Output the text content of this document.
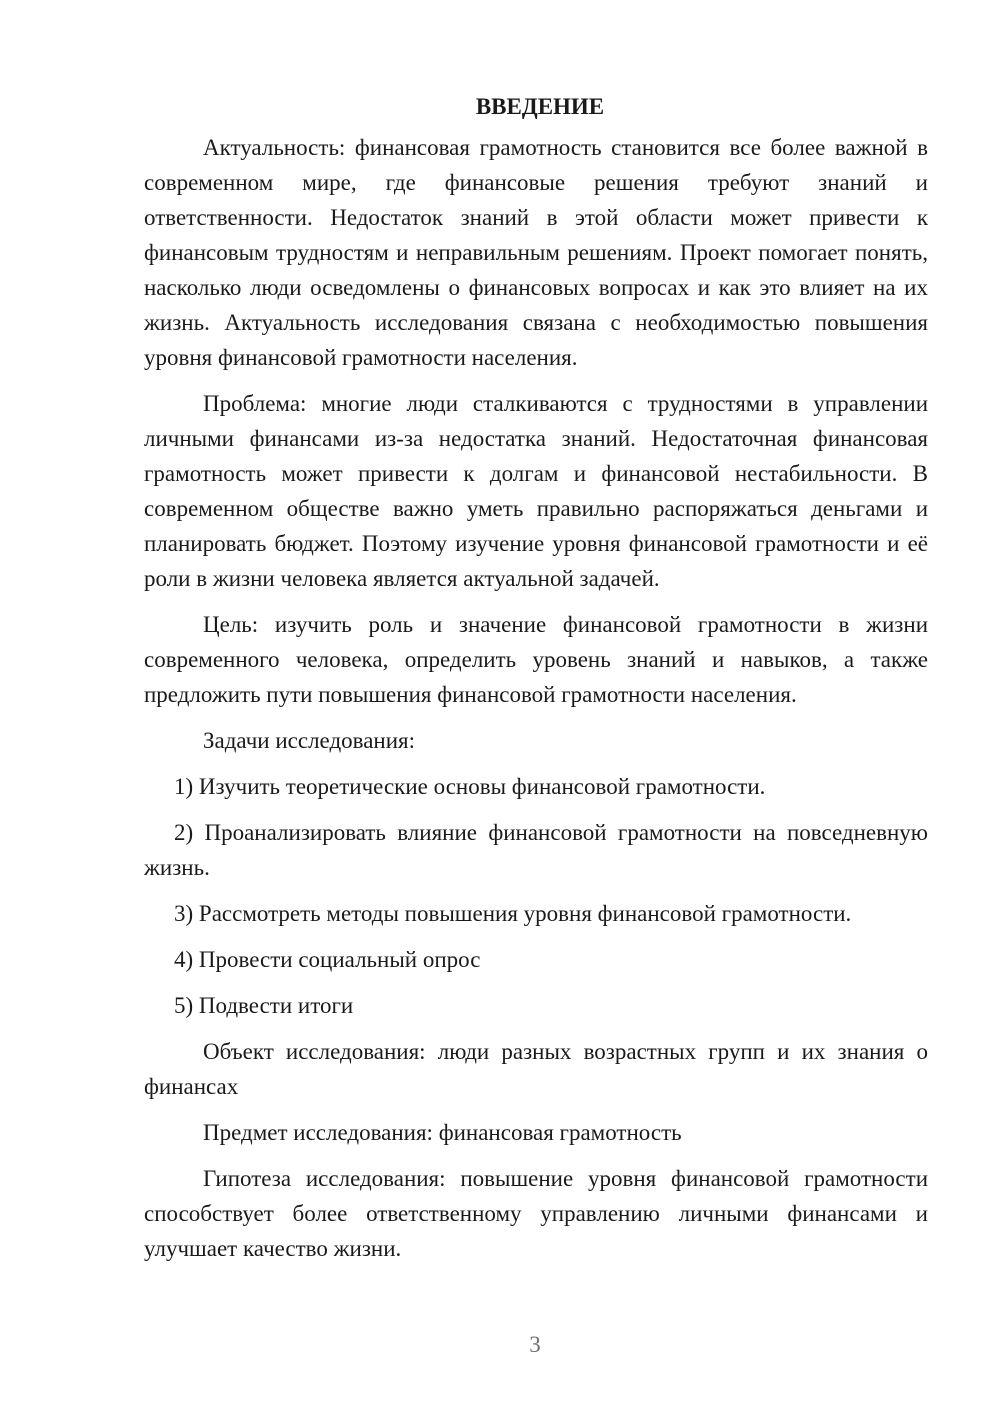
ВВЕДЕНИЕ

Актуальность: финансовая грамотность становится все более важной в современном мире, где финансовые решения требуют знаний и ответственности. Недостаток знаний в этой области может привести к финансовым трудностям и неправильным решениям. Проект помогает понять, насколько люди осведомлены о финансовых вопросах и как это влияет на их жизнь. Актуальность исследования связана с необходимостью повышения уровня финансовой грамотности населения.

Проблема: многие люди сталкиваются с трудностями в управлении личными финансами из-за недостатка знаний. Недостаточная финансовая грамотность может привести к долгам и финансовой нестабильности. В современном обществе важно уметь правильно распоряжаться деньгами и планировать бюджет. Поэтому изучение уровня финансовой грамотности и её роли в жизни человека является актуальной задачей.

Цель: изучить роль и значение финансовой грамотности в жизни современного человека, определить уровень знаний и навыков, а также предложить пути повышения финансовой грамотности населения.

Задачи исследования:

1) Изучить теоретические основы финансовой грамотности.

2) Проанализировать влияние финансовой грамотности на повседневную жизнь.

3) Рассмотреть методы повышения уровня финансовой грамотности.

4) Провести социальный опрос

5) Подвести итоги

Объект исследования: люди разных возрастных групп и их знания о финансах

Предмет исследования: финансовая грамотность

Гипотеза исследования: повышение уровня финансовой грамотности способствует более ответственному управлению личными финансами и улучшает качество жизни.

3
